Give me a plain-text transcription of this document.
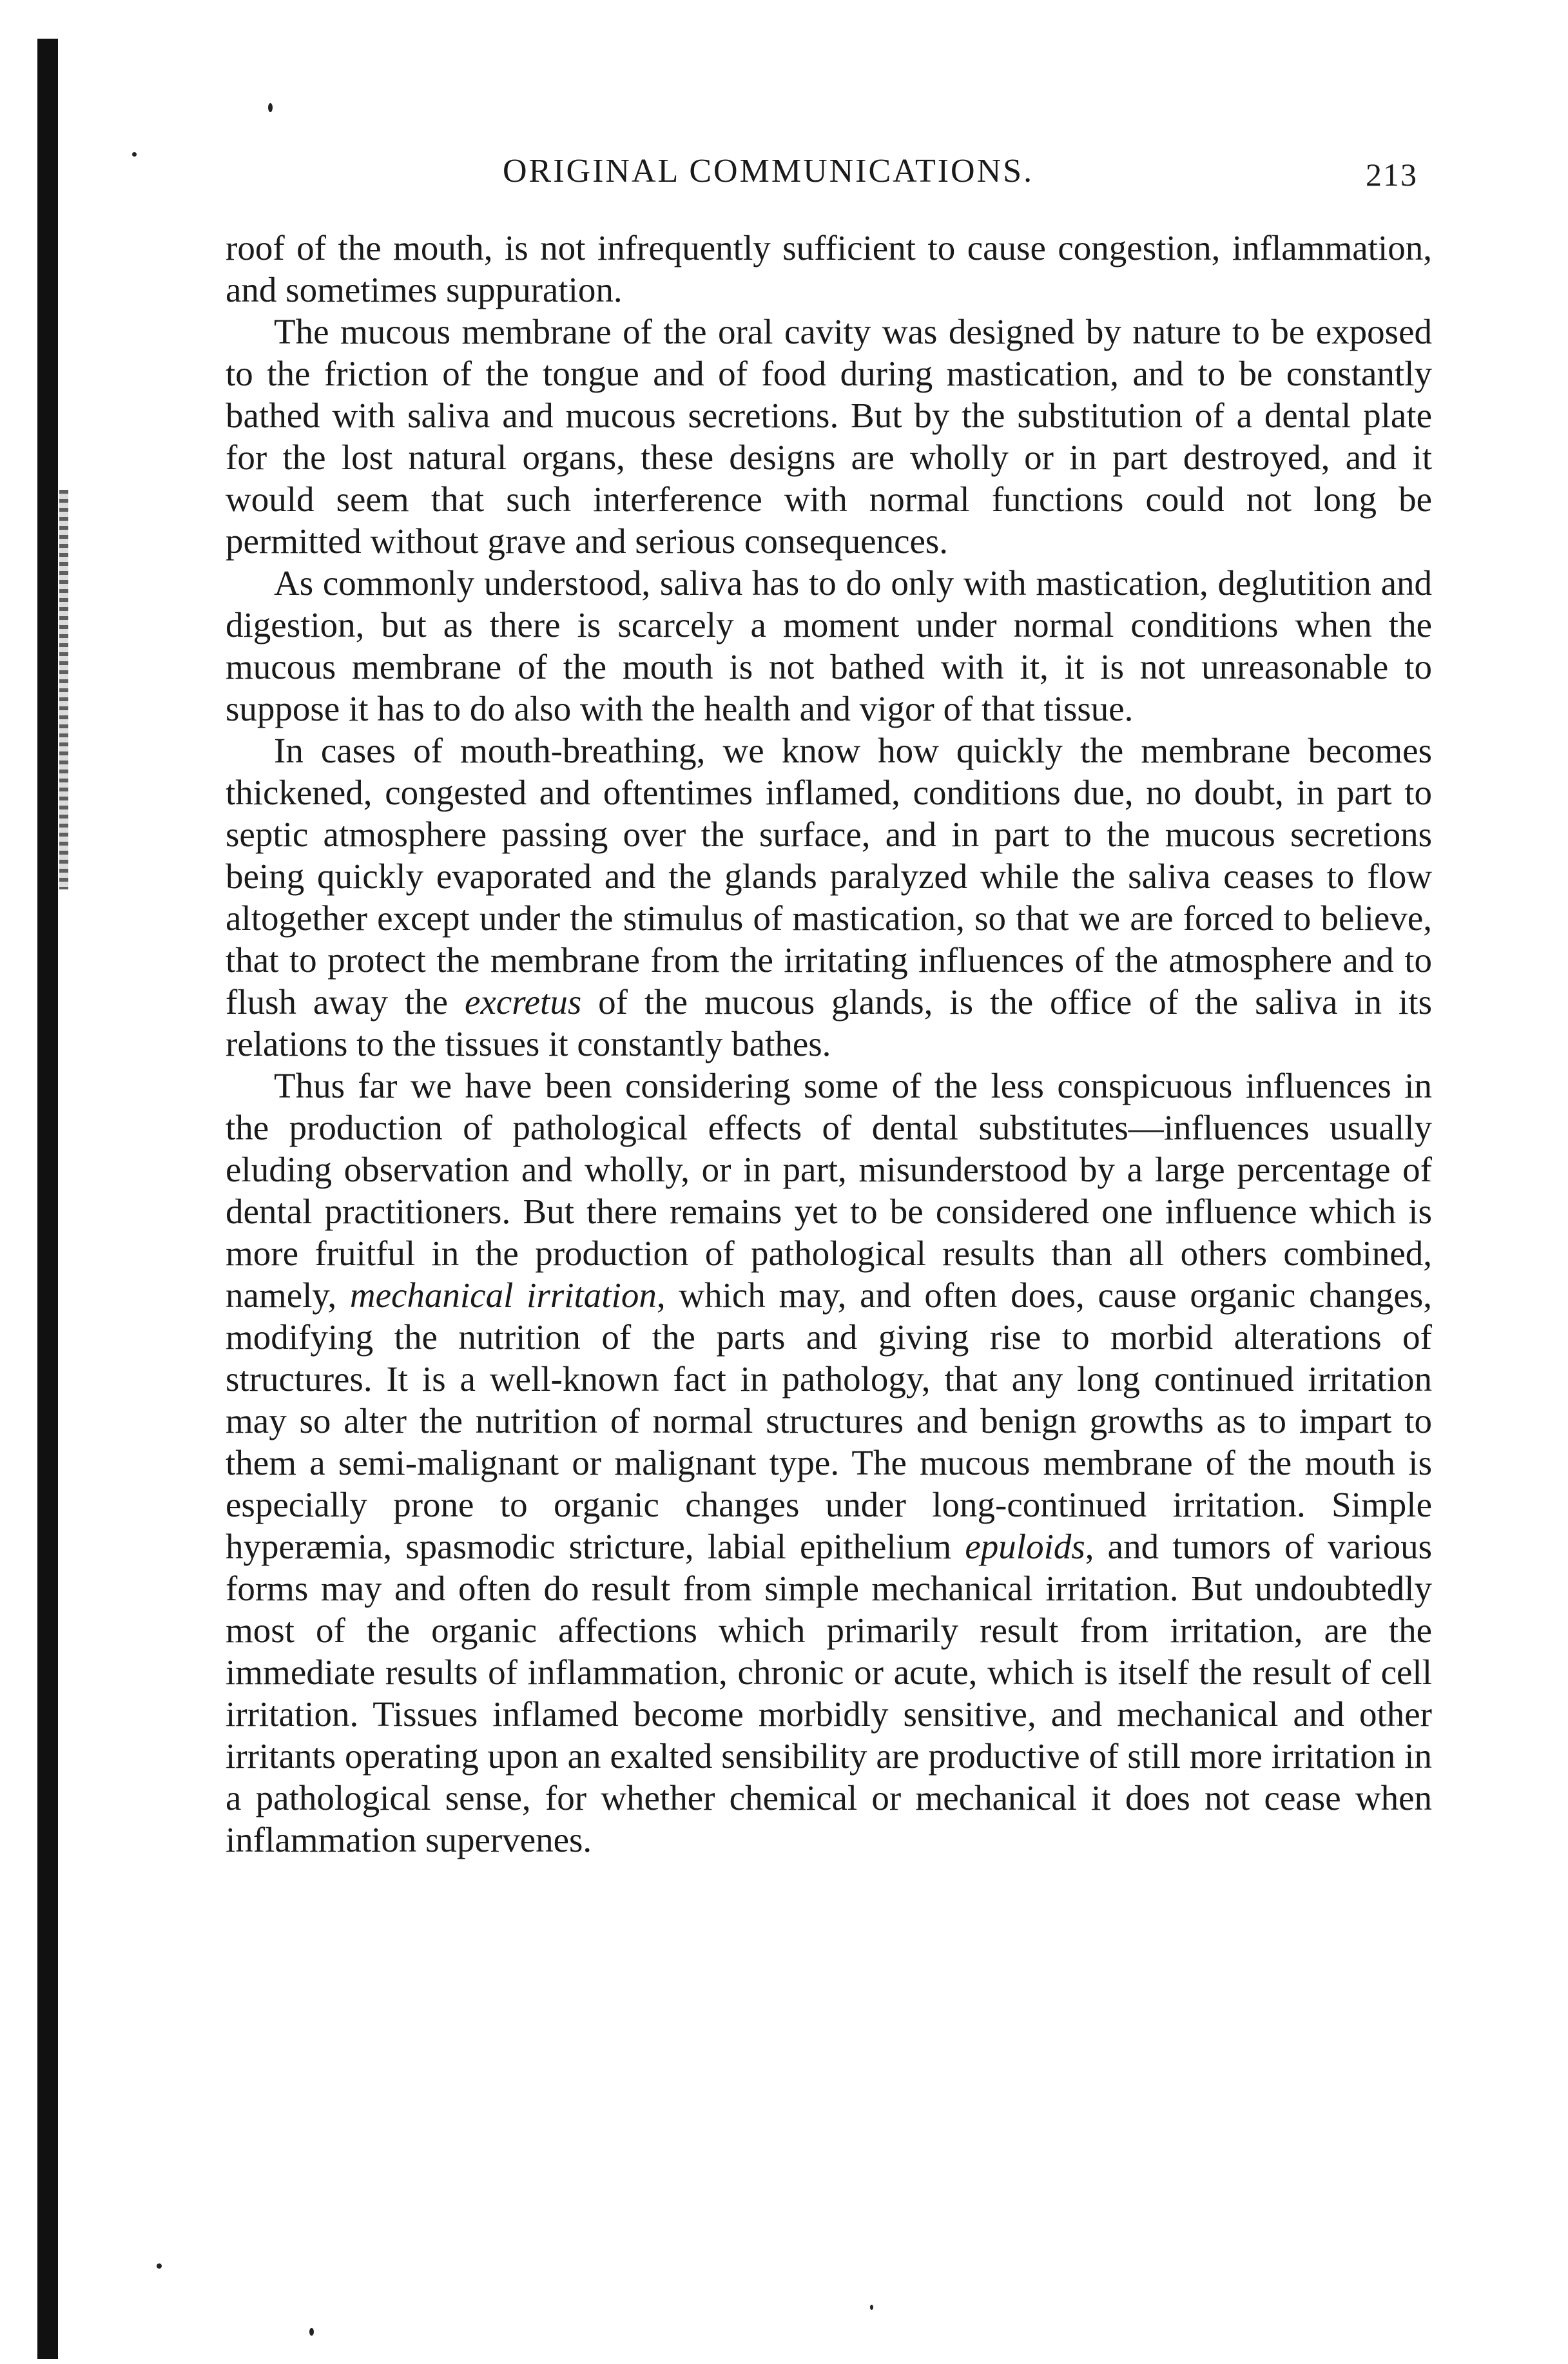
ORIGINAL COMMUNICATIONS.	213

roof of the mouth, is not infrequently sufficient to cause congestion, inflammation, and sometimes suppuration.

The mucous membrane of the oral cavity was designed by nature to be exposed to the friction of the tongue and of food during mastication, and to be constantly bathed with saliva and mucous secretions. But by the substitution of a dental plate for the lost natural organs, these designs are wholly or in part destroyed, and it would seem that such interference with normal functions could not long be permitted without grave and serious consequences.

As commonly understood, saliva has to do only with mastication, deglutition and digestion, but as there is scarcely a moment under normal conditions when the mucous membrane of the mouth is not bathed with it, it is not unreasonable to suppose it has to do also with the health and vigor of that tissue.

In cases of mouth-breathing, we know how quickly the membrane becomes thickened, congested and oftentimes inflamed, conditions due, no doubt, in part to septic atmosphere passing over the surface, and in part to the mucous secretions being quickly evaporated and the glands paralyzed while the saliva ceases to flow altogether except under the stimulus of mastication, so that we are forced to believe, that to protect the membrane from the irritating influences of the atmosphere and to flush away the excretus of the mucous glands, is the office of the saliva in its relations to the tissues it constantly bathes.

Thus far we have been considering some of the less conspicuous influences in the production of pathological effects of dental substitutes—influences usually eluding observation and wholly, or in part, misunderstood by a large percentage of dental practitioners. But there remains yet to be considered one influence which is more fruitful in the production of pathological results than all others combined, namely, mechanical irritation, which may, and often does, cause organic changes, modifying the nutrition of the parts and giving rise to morbid alterations of structures. It is a well-known fact in pathology, that any long continued irritation may so alter the nutrition of normal structures and benign growths as to impart to them a semi-malignant or malignant type. The mucous membrane of the mouth is especially prone to organic changes under long-continued irritation. Simple hyperæmia, spasmodic stricture, labial epithelium epuloids, and tumors of various forms may and often do result from simple mechanical irritation. But undoubtedly most of the organic affections which primarily result from irritation, are the immediate results of inflammation, chronic or acute, which is itself the result of cell irritation. Tissues inflamed become morbidly sensitive, and mechanical and other irritants operating upon an exalted sensibility are productive of still more irritation in a pathological sense, for whether chemical or mechanical it does not cease when inflammation supervenes.
